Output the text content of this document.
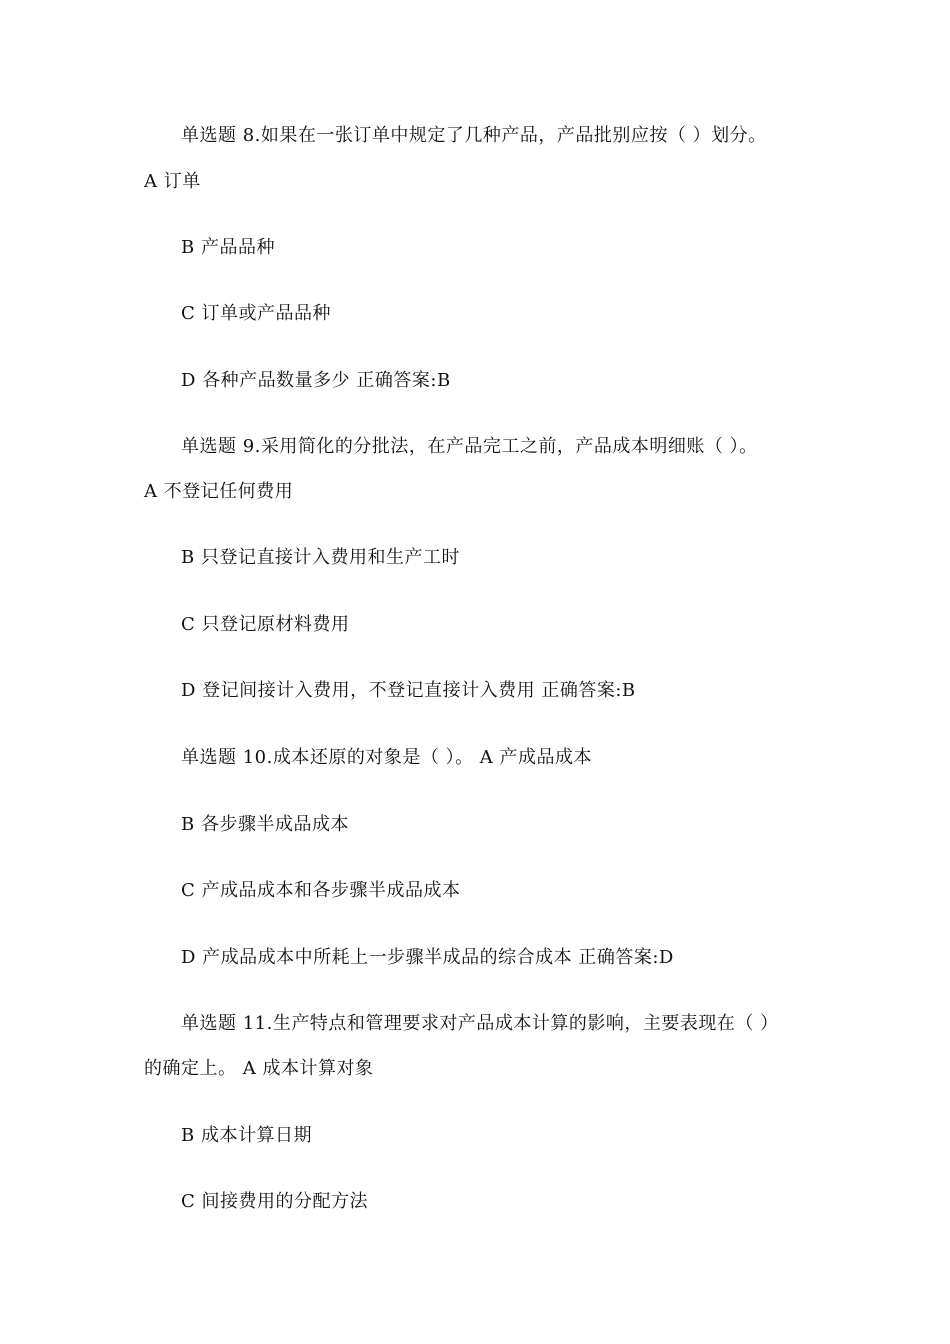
单选题 8.如果在一张订单中规定了几种产品，产品批别应按（ ）划分。
A 订单
B 产品品种
C 订单或产品品种
D 各种产品数量多少 正确答案:B
单选题 9.采用简化的分批法，在产品完工之前，产品成本明细账（ ）。
A 不登记任何费用
B 只登记直接计入费用和生产工时
C 只登记原材料费用
D 登记间接计入费用，不登记直接计入费用 正确答案:B
单选题 10.成本还原的对象是（ ）。 A 产成品成本
B 各步骤半成品成本
C 产成品成本和各步骤半成品成本
D 产成品成本中所耗上一步骤半成品的综合成本 正确答案:D
单选题 11.生产特点和管理要求对产品成本计算的影响，主要表现在（ ）
的确定上。 A 成本计算对象
B 成本计算日期
C 间接费用的分配方法
